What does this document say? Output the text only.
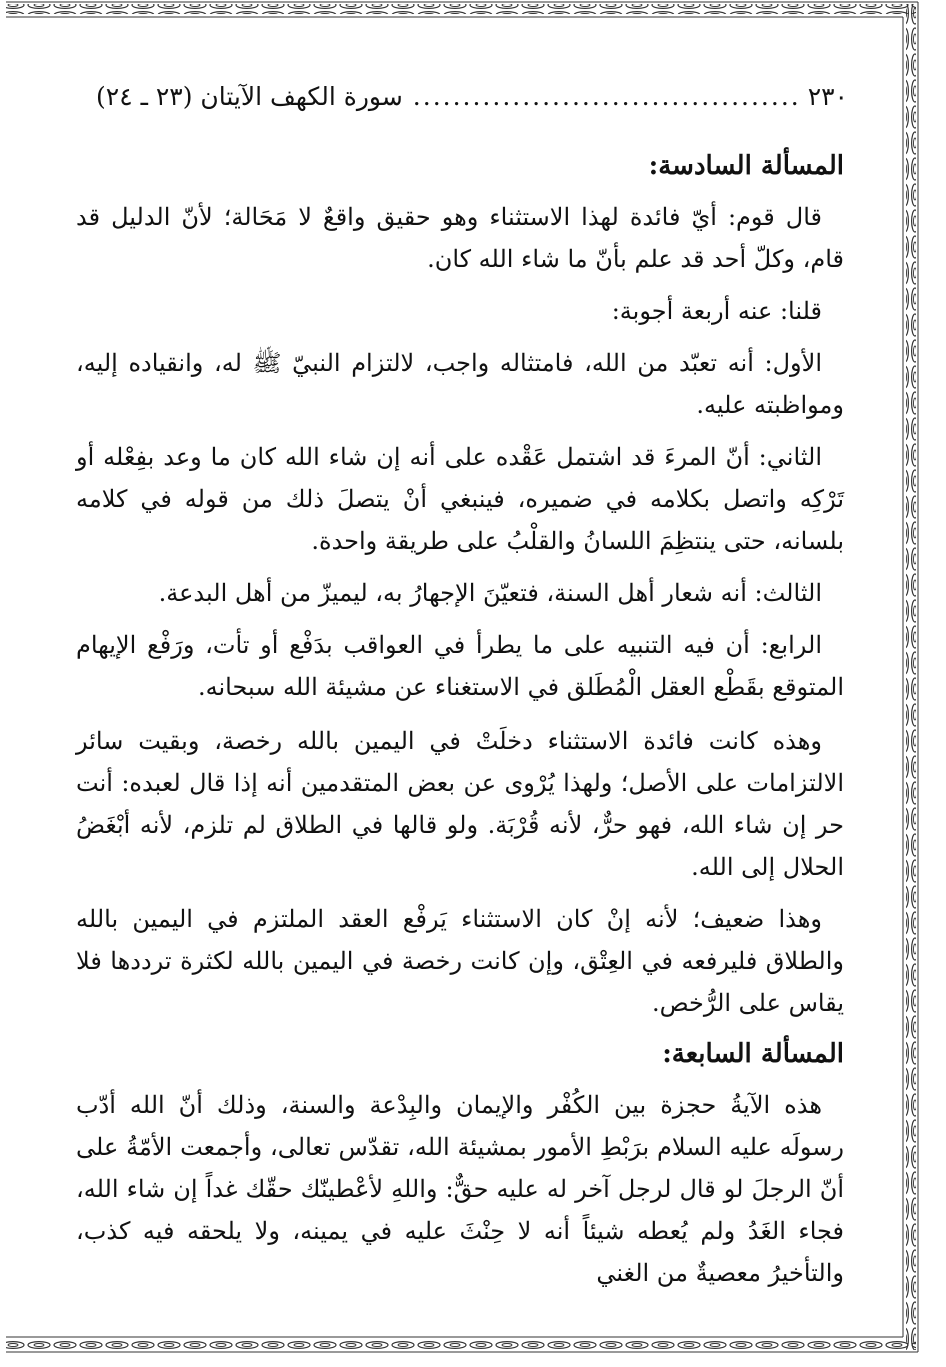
٢٣٠
.....
سورة الكهف الآيتان (٢٣ ـ ٢٤)
المسألة السادسة:

قال قوم: أيّ فائدة لهذا الاستثناء وهو حقيق واقعٌ لا مَحَالة؛ لأنّ الدليل قد قام، وكلّ أحد قد علم بأنّ ما شاء الله كان.

قلنا: عنه أربعة أجوبة:

الأول: أنه تعبّد من الله، فامتثاله واجب، لالتزام النبيّ ﷺ له، وانقياده إليه، ومواظبته عليه.

الثاني: أنّ المرءَ قد اشتمل عَقْده على أنه إن شاء الله كان ما وعد بفِعْله أو تَرْكِه واتصل بكلامه في ضميره، فينبغي أنْ يتصلَ ذلك من قوله في كلامه بلسانه، حتى ينتظِمَ اللسانُ والقلْبُ على طريقة واحدة.

الثالث: أنه شعار أهل السنة، فتعيّنَ الإجهارُ به، ليميزّ من أهل البدعة.

الرابع: أن فيه التنبيه على ما يطرأ في العواقب بدَفْع أو تأت، ورَفْع الإيهام المتوقع بقَطْع العقل الْمُطَلق في الاستغناء عن مشيئة الله سبحانه.

وهذه كانت فائدة الاستثناء دخلَتْ في اليمين بالله رخصة، وبقيت سائر الالتزامات على الأصل؛ ولهذا يُرْوى عن بعض المتقدمين أنه إذا قال لعبده: أنت حر إن شاء الله، فهو حرٌّ، لأنه قُرْبَة. ولو قالها في الطلاق لم تلزم، لأنه أبْغَضُ الحلال إلى الله.

وهذا ضعيف؛ لأنه إنْ كان الاستثناء يَرفْع العقد الملتزم في اليمين بالله والطلاق فليرفعه في العِتْق، وإن كانت رخصة في اليمين بالله لكثرة ترددها فلا يقاس على الرُّخص.

المسألة السابعة:

هذه الآيةُ حجزة بين الكُفْر والإيمان والبِدْعة والسنة، وذلك أنّ الله أدّب رسولَه عليه السلام برَبْطِ الأمور بمشيئة الله، تقدّس تعالى، وأجمعت الأمّةُ على أنّ الرجلَ لو قال لرجل آخر له عليه حقٌّ: واللهِ لأعْطينّك حقّك غداً إن شاء الله، فجاء الغَدُ ولم يُعطه شيئاً أنه لا حِنْثَ عليه في يمينه، ولا يلحقه فيه كذب، والتأخيرُ معصيةٌ من الغني
